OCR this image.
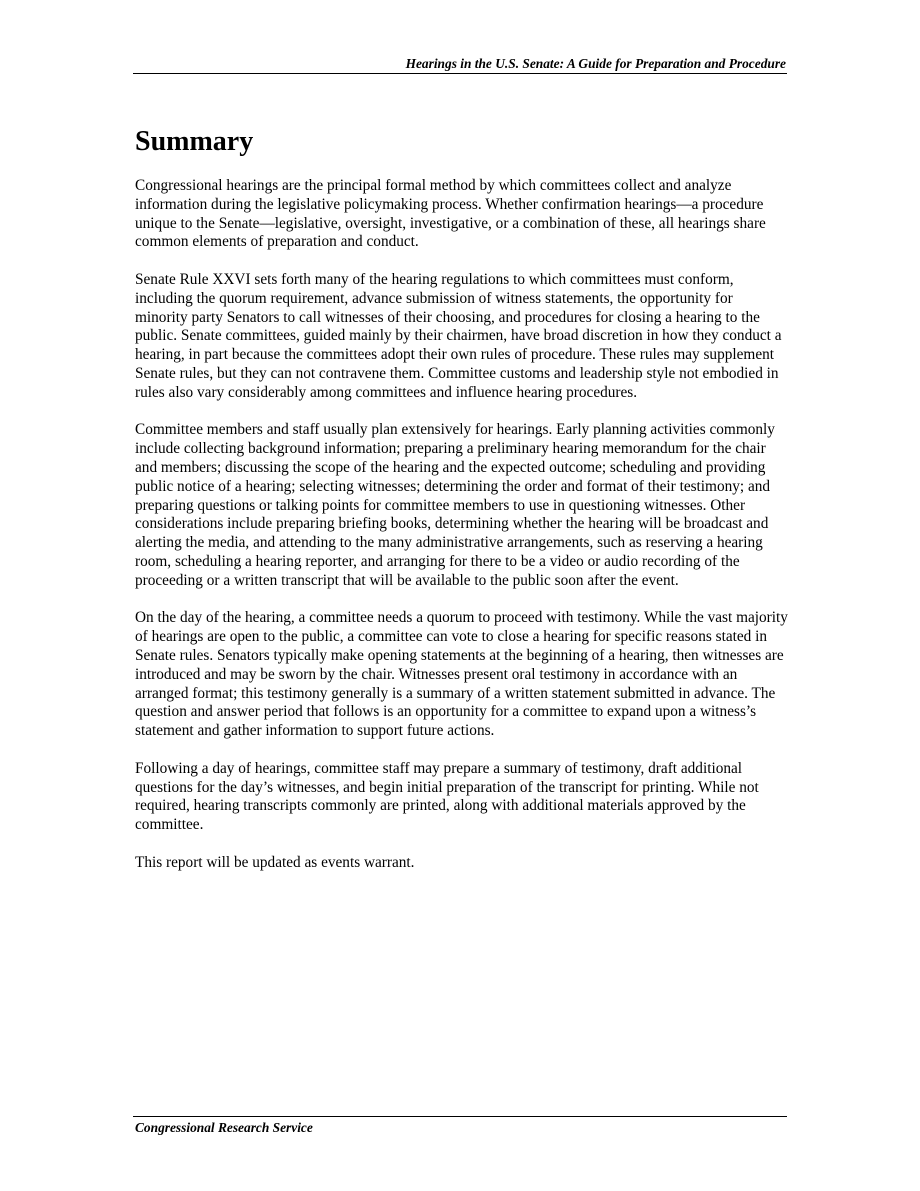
Hearings in the U.S. Senate: A Guide for Preparation and Procedure
Summary

Congressional hearings are the principal formal method by which committees collect and analyze information during the legislative policymaking process. Whether confirmation hearings—a procedure unique to the Senate—legislative, oversight, investigative, or a combination of these, all hearings share common elements of preparation and conduct.

Senate Rule XXVI sets forth many of the hearing regulations to which committees must conform, including the quorum requirement, advance submission of witness statements, the opportunity for minority party Senators to call witnesses of their choosing, and procedures for closing a hearing to the public. Senate committees, guided mainly by their chairmen, have broad discretion in how they conduct a hearing, in part because the committees adopt their own rules of procedure. These rules may supplement Senate rules, but they can not contravene them. Committee customs and leadership style not embodied in rules also vary considerably among committees and influence hearing procedures.

Committee members and staff usually plan extensively for hearings. Early planning activities commonly include collecting background information; preparing a preliminary hearing memorandum for the chair and members; discussing the scope of the hearing and the expected outcome; scheduling and providing public notice of a hearing; selecting witnesses; determining the order and format of their testimony; and preparing questions or talking points for committee members to use in questioning witnesses. Other considerations include preparing briefing books, determining whether the hearing will be broadcast and alerting the media, and attending to the many administrative arrangements, such as reserving a hearing room, scheduling a hearing reporter, and arranging for there to be a video or audio recording of the proceeding or a written transcript that will be available to the public soon after the event.

On the day of the hearing, a committee needs a quorum to proceed with testimony. While the vast majority of hearings are open to the public, a committee can vote to close a hearing for specific reasons stated in Senate rules. Senators typically make opening statements at the beginning of a hearing, then witnesses are introduced and may be sworn by the chair. Witnesses present oral testimony in accordance with an arranged format; this testimony generally is a summary of a written statement submitted in advance. The question and answer period that follows is an opportunity for a committee to expand upon a witness’s statement and gather information to support future actions.

Following a day of hearings, committee staff may prepare a summary of testimony, draft additional questions for the day’s witnesses, and begin initial preparation of the transcript for printing. While not required, hearing transcripts commonly are printed, along with additional materials approved by the committee.

This report will be updated as events warrant.

Congressional Research Service
